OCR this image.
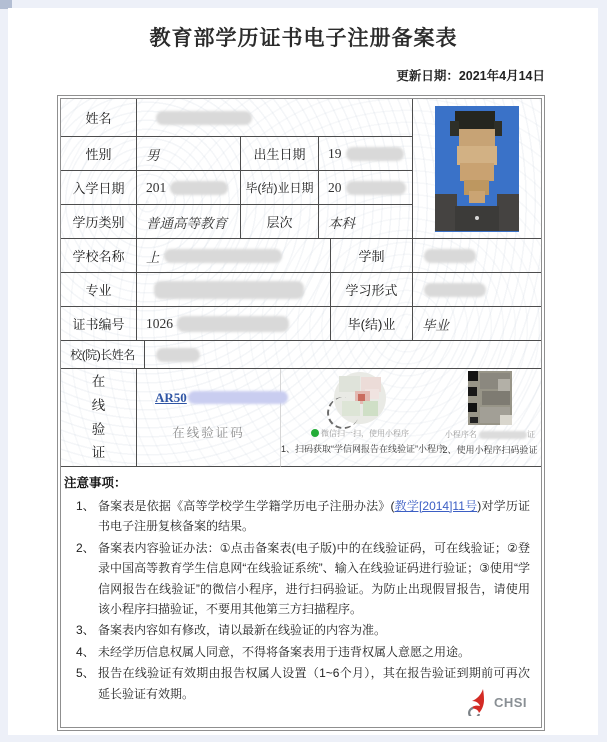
教育部学历证书电子注册备案表
更新日期：2021年4月14日
姓名
性别	男	出生日期	19
入学日期	201	毕(结)业日期	20
学历类别	普通高等教育	层次	本科
学校名称	上	学制
专业	学习形式
证书编号	1026	毕(结)业	毕业
校(院)长姓名
在线验证
AR50
在线验证码	微信扫一扫，使用小程序
1、扫码获取“学信网报告在线验证”小程序
小程序名	证
2、使用小程序扫码验证
注意事项：
1、 备案表是依据《高等学校学生学籍学历电子注册办法》(教学[2014]11号)对学历证书电子注册复核备案的结果。
2、 备案表内容验证办法：①点击备案表(电子版)中的在线验证码，可在线验证；②登录中国高等教育学生信息网“在线验证系统”、输入在线验证码进行验证；③使用“学信网报告在线验证”的微信小程序，进行扫码验证。为防止出现假冒报告，请使用该小程序扫描验证，不要用其他第三方扫描程序。
3、 备案表内容如有修改，请以最新在线验证的内容为准。
4、 未经学历信息权属人同意，不得将备案表用于违背权属人意愿之用途。
5、 报告在线验证有效期由报告权属人设置（1~6个月），其在报告验证到期前可再次延长验证有效期。
CHSI
